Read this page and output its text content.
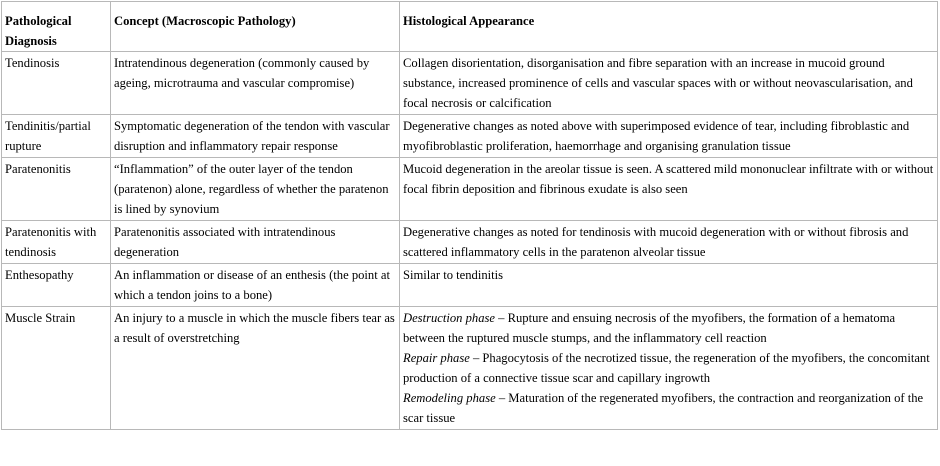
Pathological Diagnosis	Concept (Macroscopic Pathology)	Histological Appearance
Tendinosis	Intratendinous degeneration (commonly caused by ageing, microtrauma and vascular compromise)	Collagen disorientation, disorganisation and fibre separation with an increase in mucoid ground substance, increased prominence of cells and vascular spaces with or without neovascularisation, and focal necrosis or calcification
Tendinitis/partial rupture	Symptomatic degeneration of the tendon with vascular disruption and inflammatory repair response	Degenerative changes as noted above with superimposed evidence of tear, including fibroblastic and myofibroblastic proliferation, haemorrhage and organising granulation tissue
Paratenonitis	“Inflammation” of the outer layer of the tendon (paratenon) alone, regardless of whether the paratenon is lined by synovium	Mucoid degeneration in the areolar tissue is seen. A scattered mild mononuclear infiltrate with or without focal fibrin deposition and fibrinous exudate is also seen
Paratenonitis with tendinosis	Paratenonitis associated with intratendinous degeneration	Degenerative changes as noted for tendinosis with mucoid degeneration with or without fibrosis and scattered inflammatory cells in the paratenon alveolar tissue
Enthesopathy	An inflammation or disease of an enthesis (the point at which a tendon joins to a bone)	Similar to tendinitis
Muscle Strain	An injury to a muscle in which the muscle fibers tear as a result of overstretching	Destruction phase – Rupture and ensuing necrosis of the myofibers, the formation of a hematoma between the ruptured muscle stumps, and the inflammatory cell reaction
Repair phase – Phagocytosis of the necrotized tissue, the regeneration of the myofibers, the concomitant production of a connective tissue scar and capillary ingrowth
Remodeling phase – Maturation of the regenerated myofibers, the contraction and reorganization of the scar tissue
